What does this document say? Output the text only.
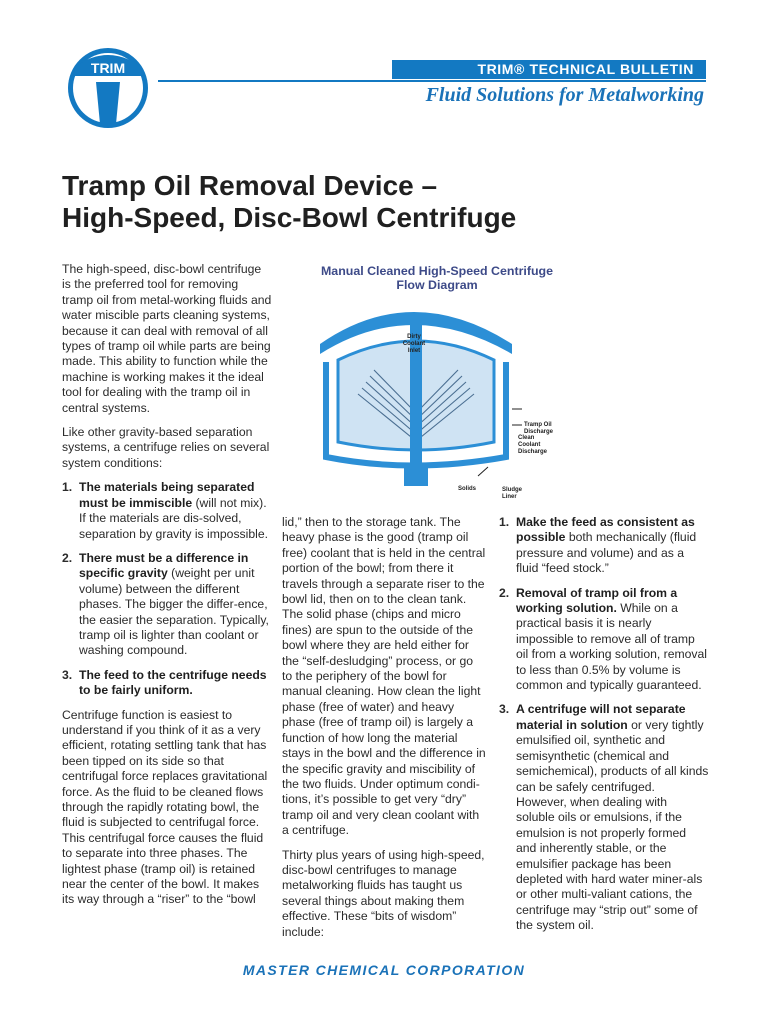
TRIM	TRIM® TECHNICAL BULLETIN
Fluid Solutions for Metalworking
Tramp Oil Removal Device –
High-Speed, Disc-Bowl Centrifuge

The high-speed, disc-bowl centrifuge is the preferred tool for removing tramp oil from metal-working fluids and water miscible parts cleaning systems, because it can deal with removal of all types of tramp oil while parts are being made. This ability to function while the machine is working makes it the ideal tool for dealing with the tramp oil in central systems.

Like other gravity-based separation systems, a centrifuge relies on several system conditions:

1. The materials being separated must be immiscible (will not mix). If the materials are dis-solved, separation by gravity is impossible.
2. There must be a difference in specific gravity (weight per unit volume) between the different phases. The bigger the differ-ence, the easier the separation. Typically, tramp oil is lighter than coolant or washing compound.
3. The feed to the centrifuge needs to be fairly uniform.

Centrifuge function is easiest to understand if you think of it as a very efficient, rotating settling tank that has been tipped on its side so that centrifugal force replaces gravitational force. As the fluid to be cleaned flows through the rapidly rotating bowl, the fluid is subjected to centrifugal force. This centrifugal force causes the fluid to separate into three phases. The lightest phase (tramp oil) is retained near the center of the bowl. It makes its way through a “riser” to the “bowl

Manual Cleaned High-Speed Centrifuge
Flow Diagram
Dirty
Coolant
Inlet
Tramp Oil
Discharge
Clean
Coolant
Discharge
Solids	Sludge
Liner

lid,” then to the storage tank. The heavy phase is the good (tramp oil free) coolant that is held in the central portion of the bowl; from there it travels through a separate riser to the bowl lid, then on to the clean tank. The solid phase (chips and micro fines) are spun to the outside of the bowl where they are held either for the “self-desludging” process, or go to the periphery of the bowl for manual cleaning. How clean the light phase (free of water) and heavy phase (free of tramp oil) is largely a function of how long the material stays in the bowl and the difference in the specific gravity and miscibility of the two fluids. Under optimum condi-tions, it’s possible to get very “dry” tramp oil and very clean coolant with a centrifuge.

Thirty plus years of using high-speed, disc-bowl centrifuges to manage metalworking fluids has taught us several things about making them effective. These “bits of wisdom” include:

1. Make the feed as consistent as possible both mechanically (fluid pressure and volume) and as a fluid “feed stock.”
2. Removal of tramp oil from a working solution. While on a practical basis it is nearly impossible to remove all of tramp oil from a working solution, removal to less than 0.5% by volume is common and typically guaranteed.
3. A centrifuge will not separate material in solution or very tightly emulsified oil, synthetic and semisynthetic (chemical and semichemical), products of all kinds can be safely centrifuged. However, when dealing with soluble oils or emulsions, if the emulsion is not properly formed and inherently stable, or the emulsifier package has been depleted with hard water miner-als or other multi-valiant cations, the centrifuge may “strip out” some of the system oil.
MASTER CHEMICAL CORPORATION
